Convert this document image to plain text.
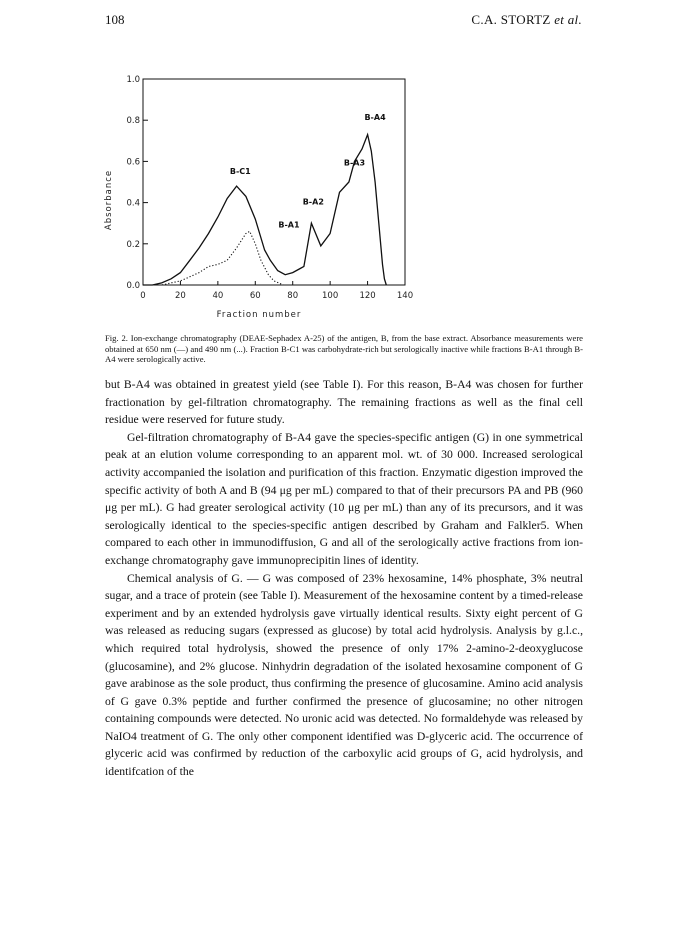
108	C.A. STORTZ et al.
1.0
0.8
0.6
0.4
0.2
0.0
0	20	40	60	80	100 120 140
B-C1
B-A1
B-A2
B-A3
B-A4
Absorbance
Fraction number
Fig. 2. Ion-exchange chromatography (DEAE-Sephadex A-25) of the antigen, B, from the base extract. Absorbance measurements were obtained at 650 nm (—) and 490 nm (...). Fraction B-C1 was carbohydrate-rich but serologically inactive while fractions B-A1 through B-A4 were serologically active.

but B-A4 was obtained in greatest yield (see Table I). For this reason, B-A4 was chosen for further fractionation by gel-filtration chromatography. The remaining fractions as well as the final cell residue were reserved for future study.

Gel-filtration chromatography of B-A4 gave the species-specific antigen (G) in one symmetrical peak at an elution volume corresponding to an apparent mol. wt. of 30 000. Increased serological activity accompanied the isolation and purification of this fraction. Enzymatic digestion improved the specific activity of both A and B (94 μg per mL) compared to that of their precursors PA and PB (960 μg per mL). G had greater serological activity (10 μg per mL) than any of its precursors, and it was serologically identical to the species-specific antigen described by Graham and Falkler5. When compared to each other in immunodiffusion, G and all of the serologically active fractions from ion-exchange chromatography gave immunoprecipitin lines of identity.

Chemical analysis of G. — G was composed of 23% hexosamine, 14% phosphate, 3% neutral sugar, and a trace of protein (see Table I). Measurement of the hexosamine content by a timed-release experiment and by an extended hydrolysis gave virtually identical results. Sixty eight percent of G was released as reducing sugars (expressed as glucose) by total acid hydrolysis. Analysis by g.l.c., which required total hydrolysis, showed the presence of only 17% 2-amino-2-deoxyglucose (glucosamine), and 2% glucose. Ninhydrin degradation of the isolated hexosamine component of G gave arabinose as the sole product, thus confirming the presence of glucosamine. Amino acid analysis of G gave 0.3% peptide and further confirmed the presence of glucosamine; no other nitrogen containing compounds were detected. No uronic acid was detected. No formaldehyde was released by NaIO4 treatment of G. The only other component identified was D-glyceric acid. The occurrence of glyceric acid was confirmed by reduction of the carboxylic acid groups of G, acid hydrolysis, and identifcation of the
